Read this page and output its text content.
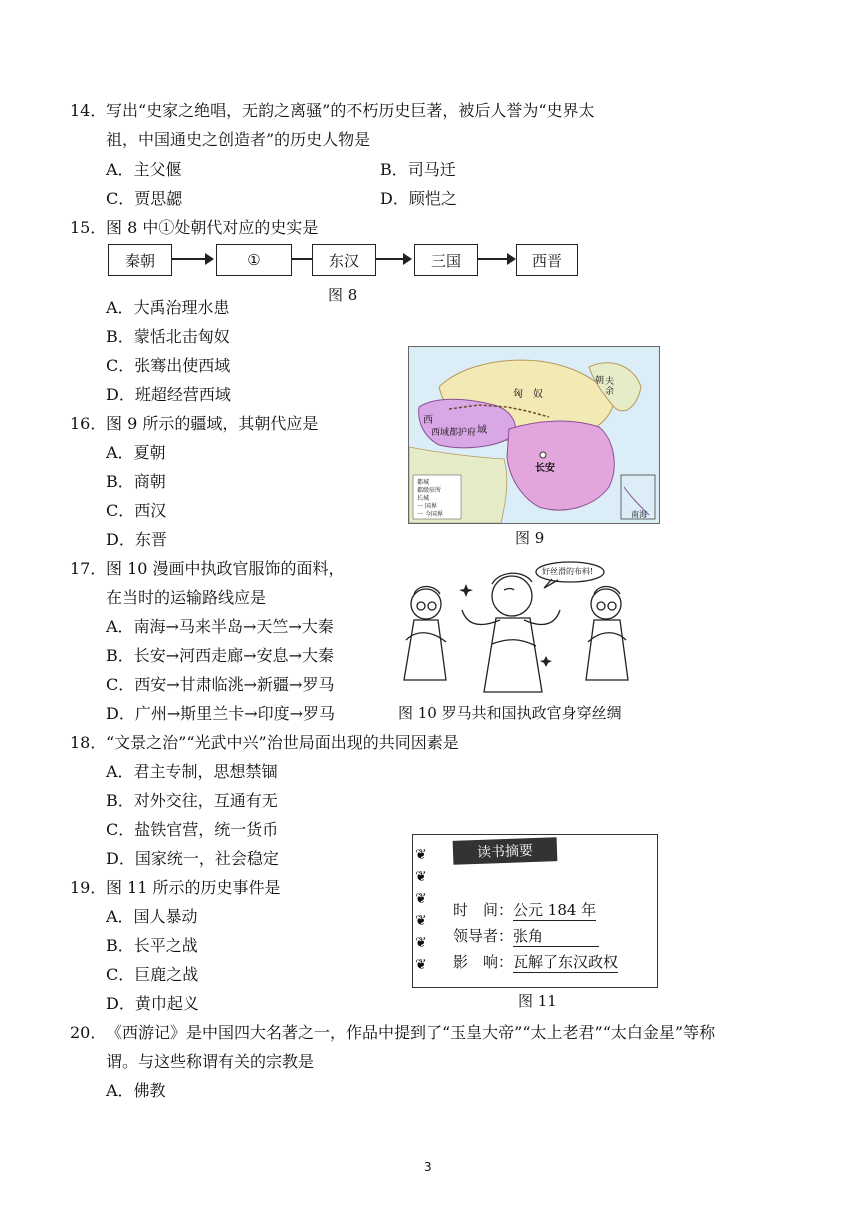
14． 写出“史家之绝唱，无韵之离骚”的不朽历史巨著，被后人誉为“史界太
祖，中国通史之创造者”的历史人物是
A．主父偃	B．司马迁
C．贾思勰	D．顾恺之
15． 图 8 中①处朝代对应的史实是
秦朝	①	东汉	三国	西晋
图 8
A．大禹治理水患
B．蒙恬北击匈奴
C．张骞出使西域
D．班超经营西域
16． 图 9 所示的疆域，其朝代应是
A．夏朝
B．商朝
C．西汉
D．东晋
匈　奴
西域都护府
西
域
长安
夫余
朝
南海
都城
郡级驻所
长城
一 国界
一 今国界
图 9
17． 图 10 漫画中执政官服饰的面料，
在当时的运输路线应是
A．南海→马来半岛→天竺→大秦
B．长安→河西走廊→安息→大秦
C．西安→甘肃临洮→新疆→罗马
D．广州→斯里兰卡→印度→罗马
好丝滑的布料!
图 10 罗马共和国执政官身穿丝绸
18． “文景之治”“光武中兴”治世局面出现的共同因素是
A．君主专制，思想禁锢
B．对外交往，互通有无
C．盐铁官营，统一货币
D．国家统一，社会稳定
19． 图 11 所示的历史事件是
A．国人暴动
B．长平之战
C．巨鹿之战
D．黄巾起义
❦
❦
❦
❦
❦
❦
读书摘要
时　间：公元 184 年
领导者：张角
影　响：瓦解了东汉政权
图 11
20． 《西游记》是中国四大名著之一，作品中提到了“玉皇大帝”“太上老君”“太白金星”等称
谓。与这些称谓有关的宗教是
A．佛教
3
